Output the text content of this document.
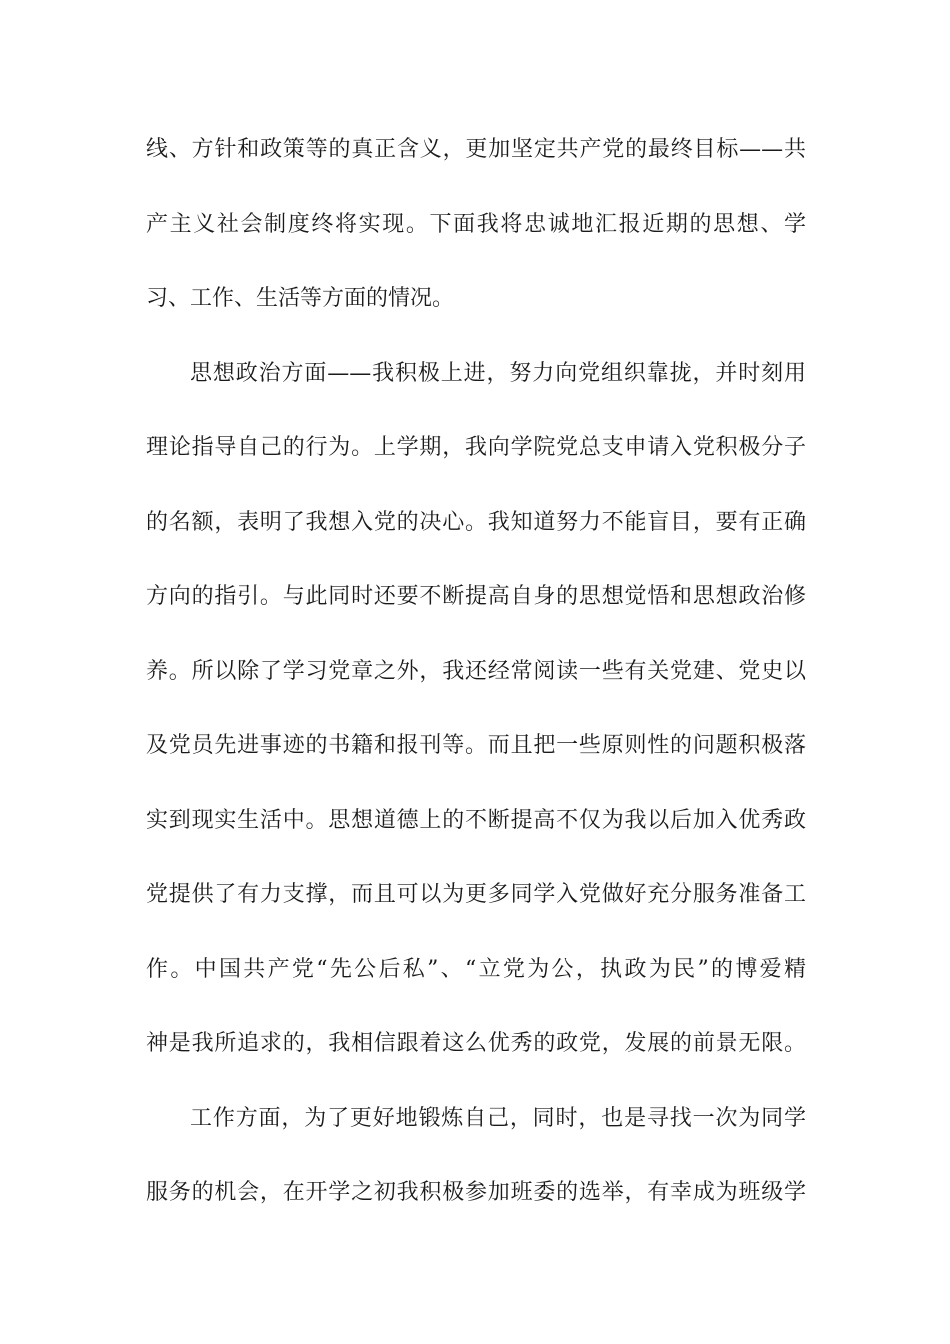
线、方针和政策等的真正含义，更加坚定共产党的最终目标——共
产主义社会制度终将实现。下面我将忠诚地汇报近期的思想、学
习、工作、生活等方面的情况。
思想政治方面——我积极上进，努力向党组织靠拢，并时刻用
理论指导自己的行为。上学期，我向学院党总支申请入党积极分子
的名额，表明了我想入党的决心。我知道努力不能盲目，要有正确
方向的指引。与此同时还要不断提高自身的思想觉悟和思想政治修
养。所以除了学习党章之外，我还经常阅读一些有关党建、党史以
及党员先进事迹的书籍和报刊等。而且把一些原则性的问题积极落
实到现实生活中。思想道德上的不断提高不仅为我以后加入优秀政
党提供了有力支撑，而且可以为更多同学入党做好充分服务准备工
作。中国共产党“先公后私”、“立党为公，执政为民”的博爱精
神是我所追求的，我相信跟着这么优秀的政党，发展的前景无限。
工作方面，为了更好地锻炼自己，同时，也是寻找一次为同学
服务的机会，在开学之初我积极参加班委的选举，有幸成为班级学
